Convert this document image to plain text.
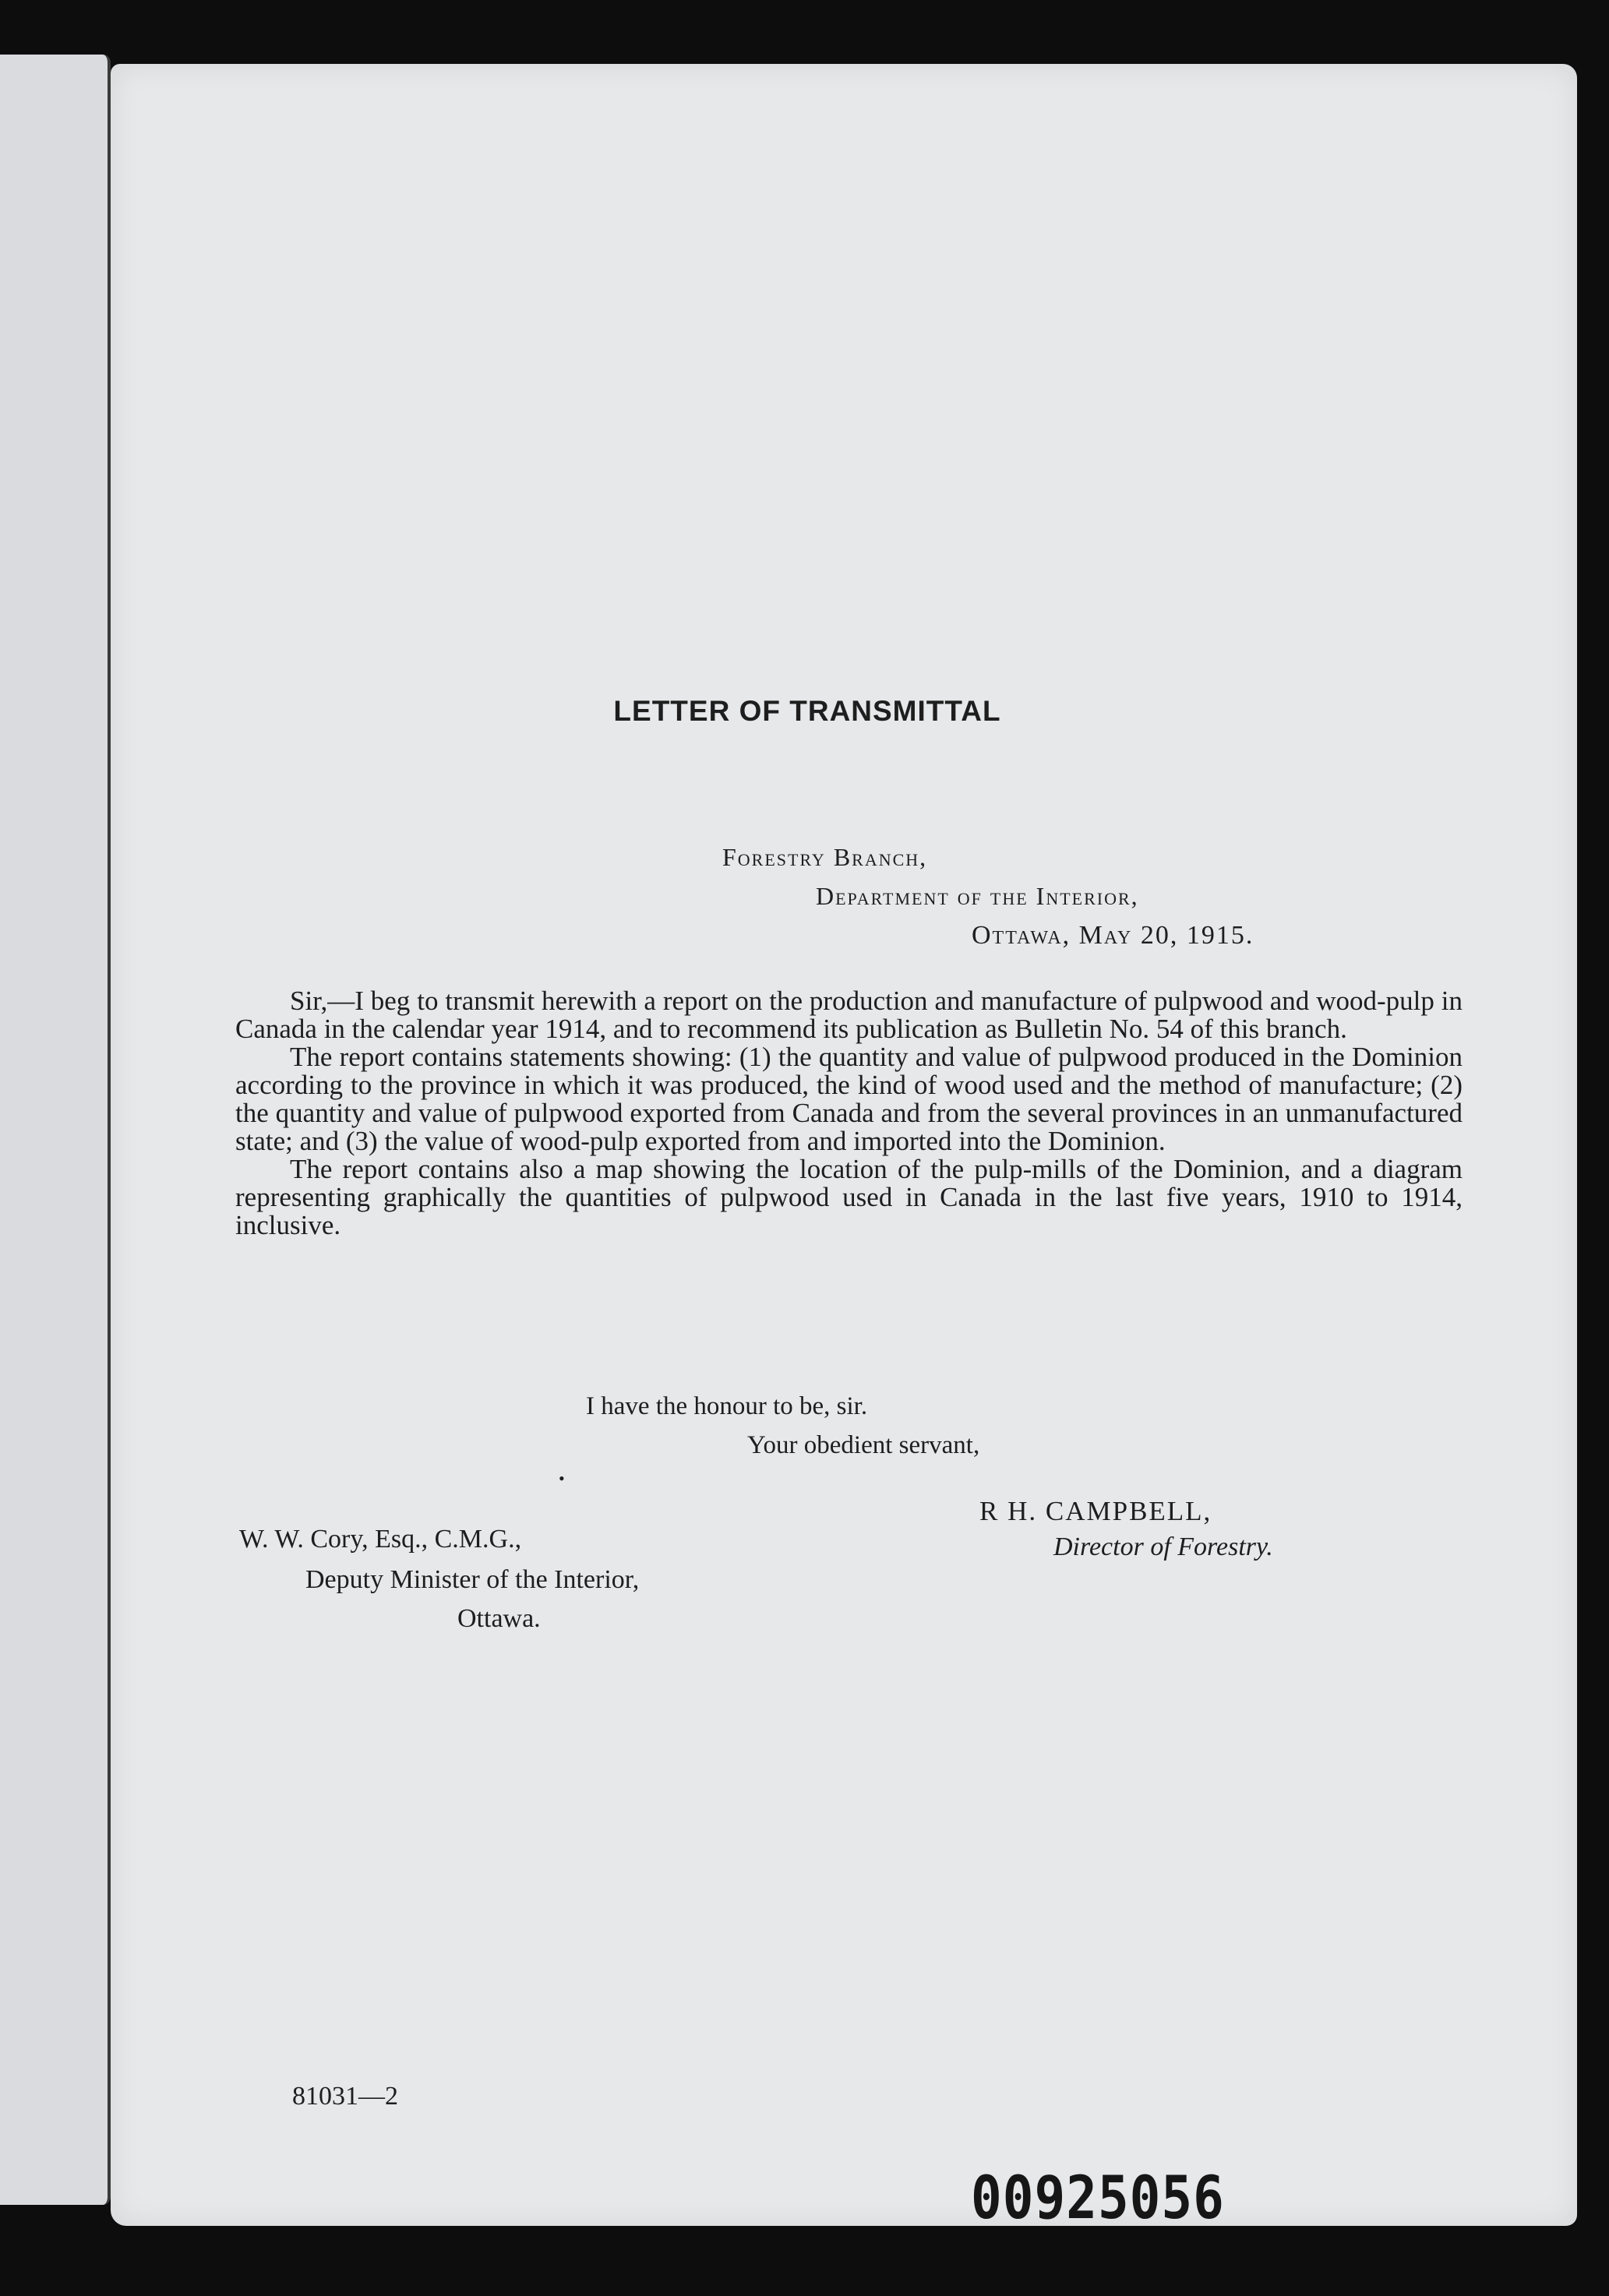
LETTER OF TRANSMITTAL
Forestry Branch,
Department of the Interior,
Ottawa, May 20, 1915.

Sir,—I beg to transmit herewith a report on the production and manufacture of pulpwood and wood-pulp in Canada in the calendar year 1914, and to recommend its publication as Bulletin No. 54 of this branch.

The report contains statements showing: (1) the quantity and value of pulpwood produced in the Dominion according to the province in which it was produced, the kind of wood used and the method of manufacture; (2) the quantity and value of pulpwood exported from Canada and from the several provinces in an unmanufactured state; and (3) the value of wood-pulp exported from and imported into the Dominion.

The report contains also a map showing the location of the pulp-mills of the Dominion, and a diagram representing graphically the quantities of pulpwood used in Canada in the last five years, 1910 to 1914, inclusive.

I have the honour to be, sir.
Your obedient servant,
•
R H. CAMPBELL,
Director of Forestry.
W. W. Cory, Esq., C.M.G.,
Deputy Minister of the Interior,
Ottawa.
81031—2
00925056
